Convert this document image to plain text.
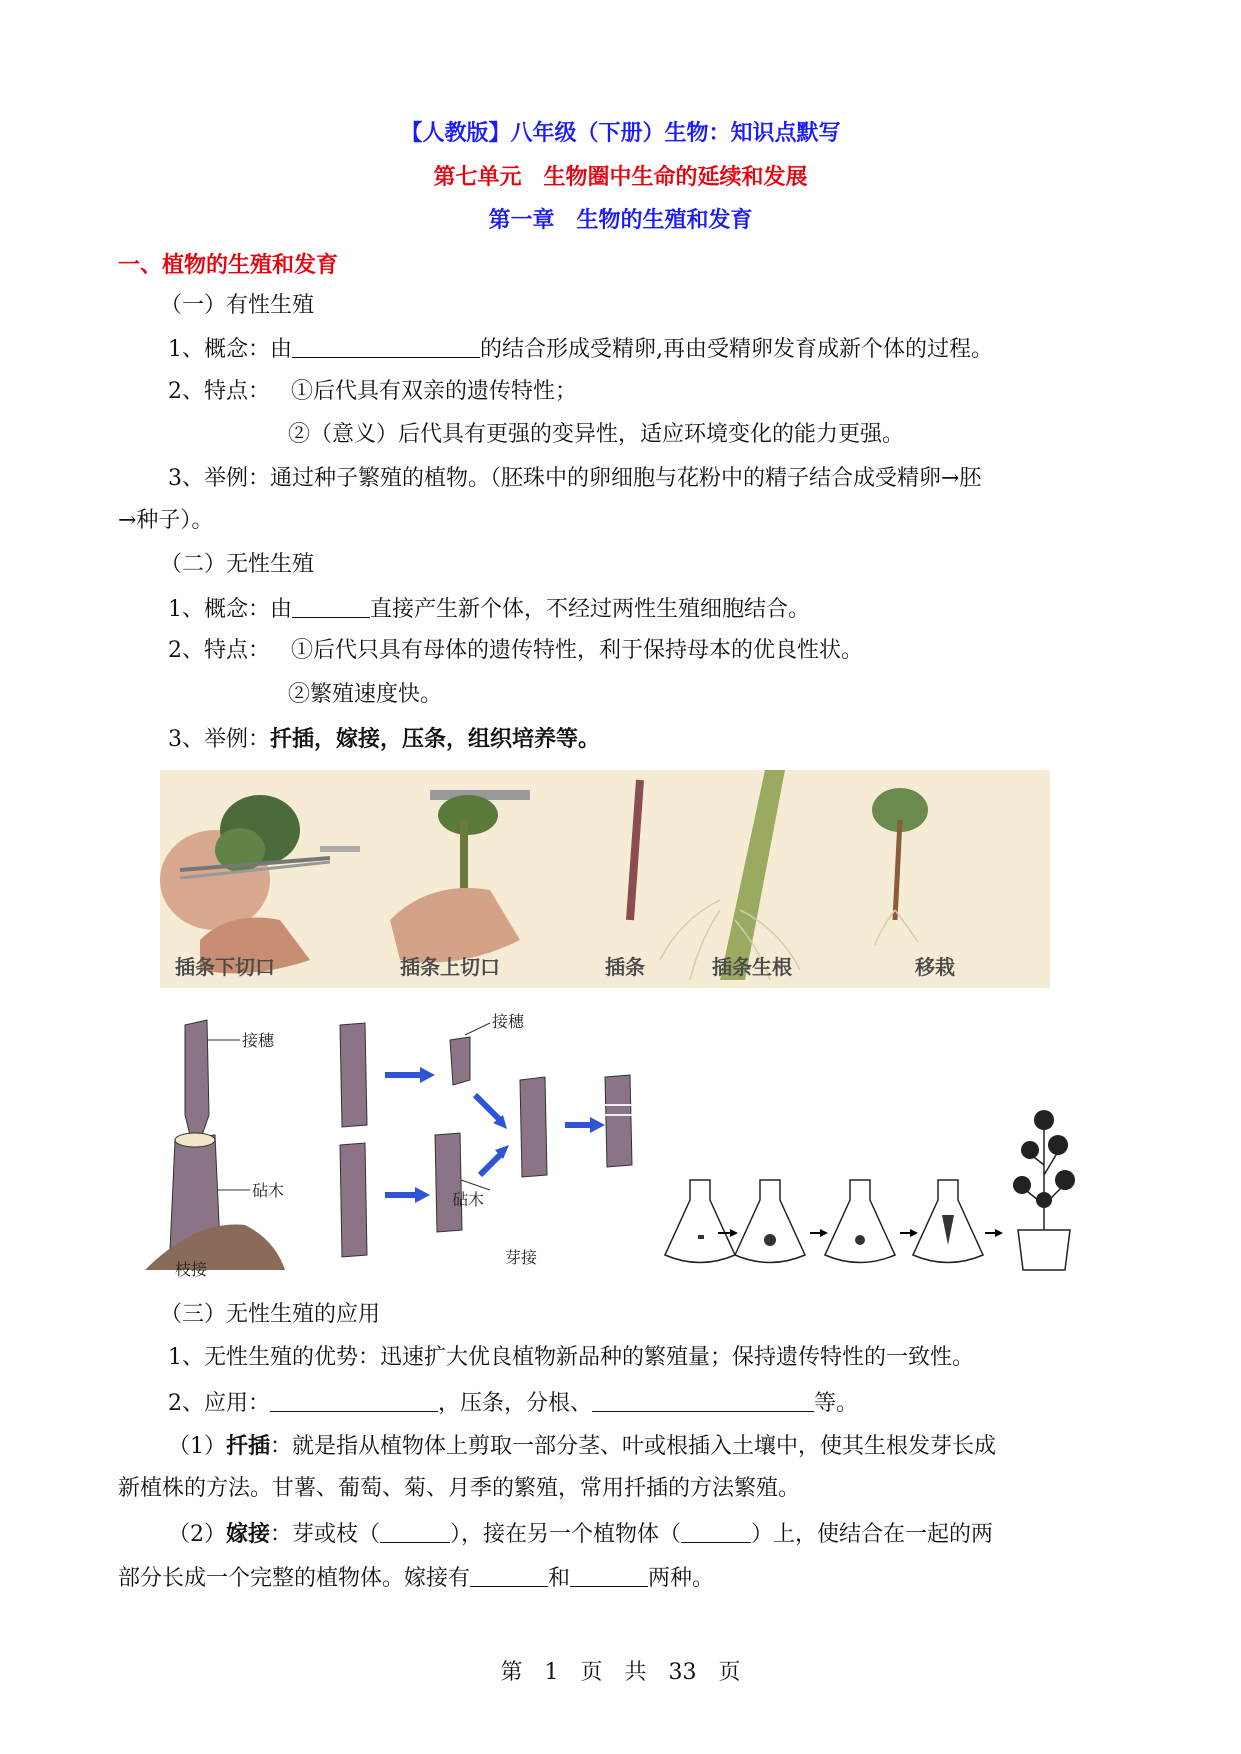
【人教版】八年级（下册）生物：知识点默写
第七单元　生物圈中生命的延续和发展
第一章　生物的生殖和发育
一、植物的生殖和发育
（一）有性生殖
1、概念：由	的结合形成受精卵,再由受精卵发育成新个体的过程。
2、特点： ①后代具有双亲的遗传特性；
②（意义）后代具有更强的变异性，适应环境变化的能力更强。
3、举例：通过种子繁殖的植物。（胚珠中的卵细胞与花粉中的精子结合成受精卵→胚
→种子）。
（二）无性生殖
1、概念：由	直接产生新个体，不经过两性生殖细胞结合。
2、特点： ①后代只具有母体的遗传特性，利于保持母本的优良性状。
②繁殖速度快。
3、举例：扦插，嫁接，压条，组织培养等。
插条下切口	插条上切口	插条	插条生根	移栽
接穗
砧木
枝接
接穗
砧木
芽接
（三）无性生殖的应用
1、无性生殖的优势：迅速扩大优良植物新品种的繁殖量；保持遗传特性的一致性。
2、应用：	，压条，分根、	等。
（1）扦插：就是指从植物体上剪取一部分茎、叶或根插入土壤中，使其生根发芽长成
新植株的方法。甘薯、葡萄、菊、月季的繁殖，常用扦插的方法繁殖。
（2）嫁接：芽或枝（	），接在另一个植物体（	）上，使结合在一起的两
部分长成一个完整的植物体。嫁接有	和	两种。
第　1　页　共　33　页
